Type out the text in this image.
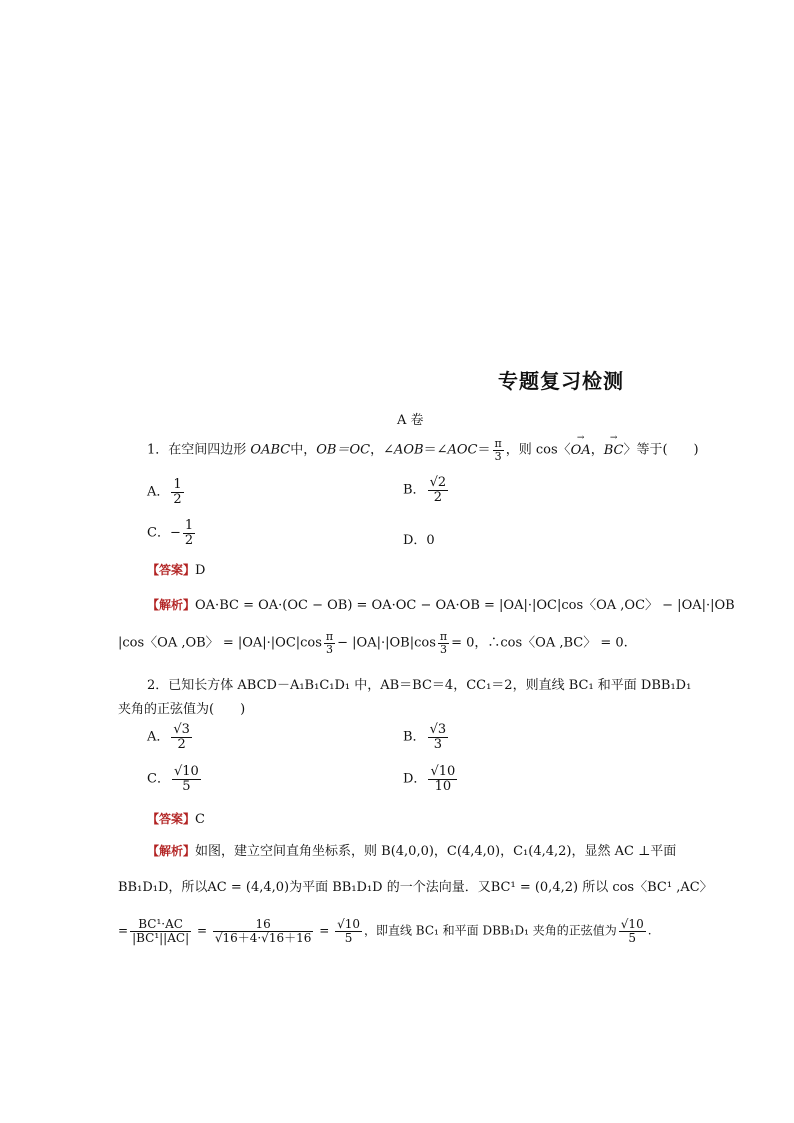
专题复习检测
A 卷
1．在空间四边形 OABC中，OB＝OC，∠AOB＝∠AOC＝ $\frac{\pi}{3}$ ，则 cos〈→ OA，→ BC〉等于(　　)
A． $\frac{1}{2}$	B． $\frac{√2}{2}$
C．− $\frac{1}{2}$	D．0
【答案】D
【解析】OA·BC = OA·(OC − OB) = OA·OC − OA·OB = |OA|·|OC|cos〈OA ,OC〉 − |OA|·|OB
|cos〈OA ,OB〉 = $|OA|\cdot|OC|\cos \frac{\pi}{3} - |OA|\cdot|OB|\cos \frac{\pi}{3} = 0$，∴cos〈OA ,BC〉 = 0.
2．已知长方体 ABCD－A₁B₁C₁D₁ 中，AB＝BC＝4，CC₁＝2，则直线 BC₁ 和平面 DBB₁D₁
夹角的正弦值为(　　)
A． $\frac{√3}{2}$	B． $\frac{√3}{3}$
C． $\frac{√10}{5}$	D． $\frac{√10}{10}$
【答案】C
【解析】如图，建立空间直角坐标系，则 B(4,0,0)，C(4,4,0)，C₁(4,4,2)，显然 AC ⊥平面
BB₁D₁D，所以AC = (4,4,0)为平面 BB₁D₁D 的一个法向量．又BC¹ = (0,4,2) 所以 cos〈BC¹ ,AC〉
= $\frac{\text{BC¹·AC}}{\text{|BC¹||AC|}} = \frac{16}{√16+4\cdot√16+16} = \frac{√10}{5}$ ，即直线 BC₁ 和平面 DBB₁D₁ 夹角的正弦值为 $\frac{√10}{5}$ .
